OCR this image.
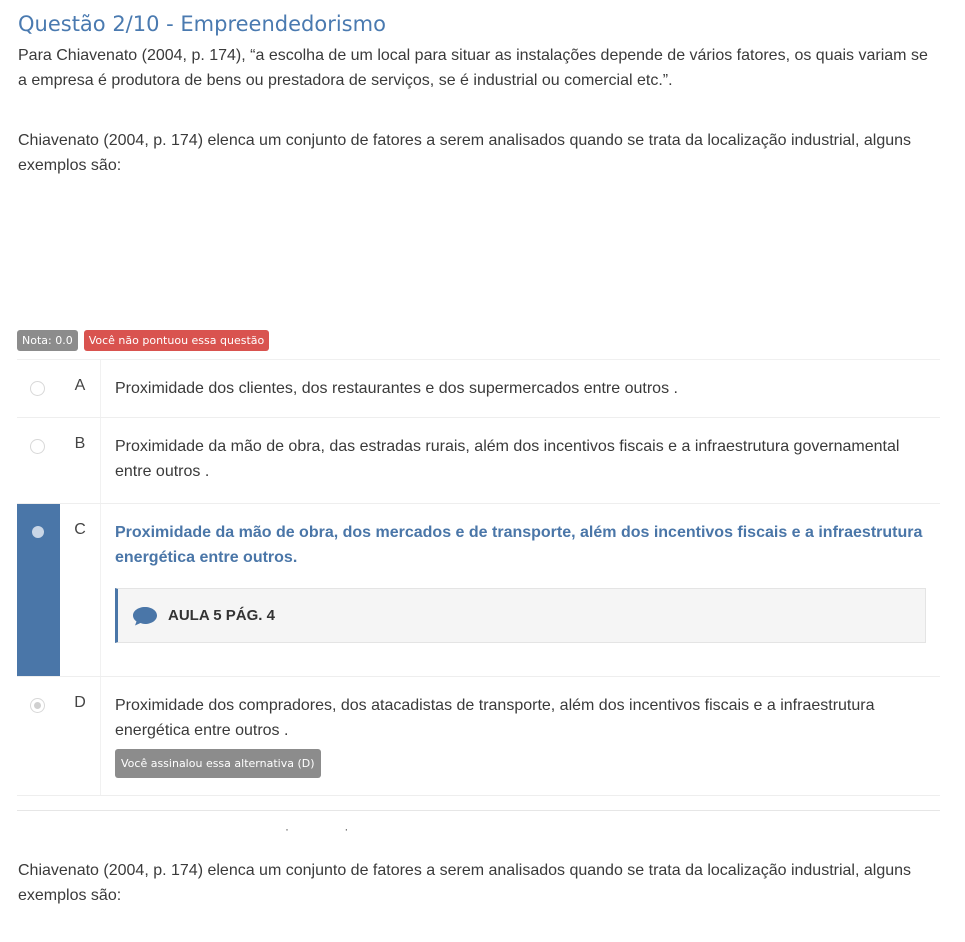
Questão 2/10 - Empreendedorismo

Para Chiavenato (2004, p. 174), “a escolha de um local para situar as instalações depende de vários fatores, os quais variam se a empresa é produtora de bens ou prestadora de serviços, se é industrial ou comercial etc.”.

Chiavenato (2004, p. 174) elenca um conjunto de fatores a serem analisados quando se trata da localização industrial, alguns exemplos são:

Nota: 0.0	Você não pontuou essa questão
A	Proximidade dos clientes, dos restaurantes e dos supermercados entre outros .
B	Proximidade da mão de obra, das estradas rurais, além dos incentivos fiscais e a infraestrutura governamental entre outros .
C	Proximidade da mão de obra, dos mercados e de transporte, além dos incentivos fiscais e a infraestrutura energética entre outros.
AULA 5 PÁG. 4
D	Proximidade dos compradores, dos atacadistas de transporte, além dos incentivos fiscais e a infraestrutura energética entre outros .
Você assinalou essa alternativa (D)
· ·

Chiavenato (2004, p. 174) elenca um conjunto de fatores a serem analisados quando se trata da localização industrial, alguns exemplos são:
